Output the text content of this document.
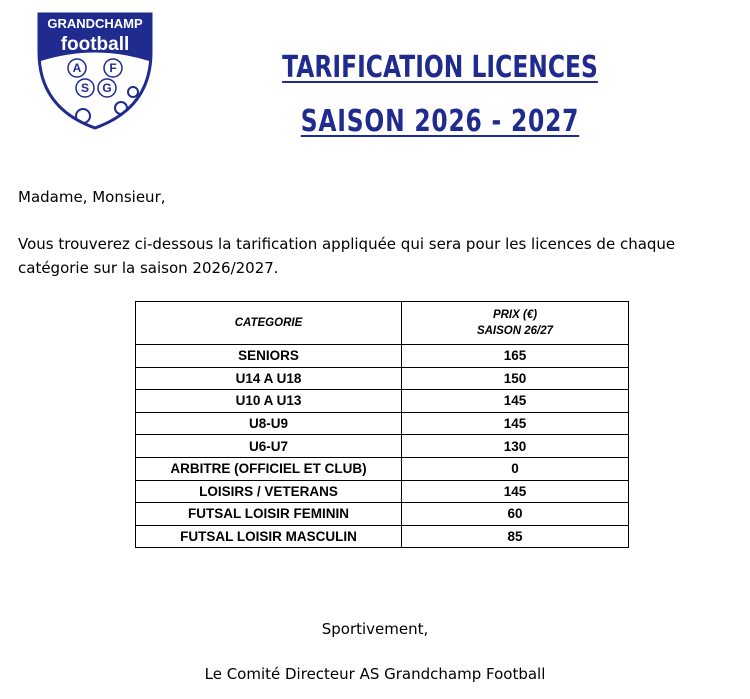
GRANDCHAMP
football
A F
S G
TARIFICATION LICENCES
SAISON 2026 - 2027
Madame, Monsieur,
Vous trouverez ci-dessous la tarification appliquée qui sera pour les licences de chaque catégorie sur la saison 2026/2027.
CATEGORIE	PRIX (€)
SAISON 26/27
SENIORS	165
U14 A U18	150
U10 A U13	145
U8-U9	145
U6-U7	130
ARBITRE (OFFICIEL ET CLUB)	0
LOISIRS / VETERANS	145
FUTSAL LOISIR FEMININ	60
FUTSAL LOISIR MASCULIN	85
Sportivement,
Le Comité Directeur AS Grandchamp Football
